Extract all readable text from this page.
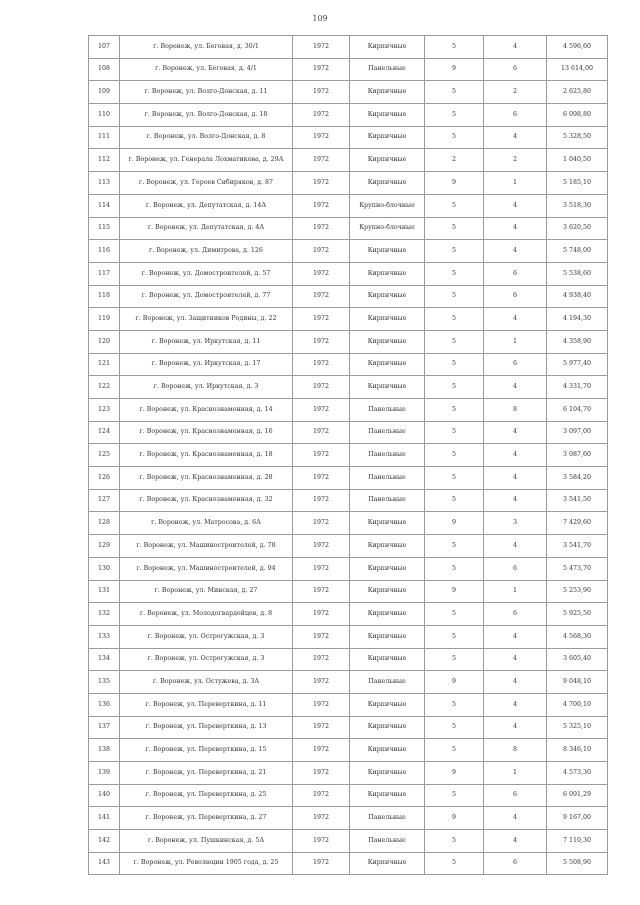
109
107	г. Воронеж, ул. Беговая, д. 30/1	1972	Кирпичные	5	4	4 596,60
108	г. Воронеж, ул. Беговая, д. 4/1	1972	Панельные	9	6	13 614,00
109	г. Воронеж, ул. Волго-Донская, д. 11	1972	Кирпичные	5	2	2 625,80
110	г. Воронеж, ул. Волго-Донская, д. 18	1972	Кирпичные	5	6	6 098,80
111	г. Воронеж, ул. Волго-Донская, д. 8	1972	Кирпичные	5	4	5 328,50
112	г. Воронеж, ул. Генерала Лохматикова, д. 29А	1972	Кирпичные	2	2	1 040,50
113	г. Воронеж, ул. Героев Сибиряков, д. 87	1972	Кирпичные	9	1	5 185,10
114	г. Воронеж, ул. Депутатская, д. 14А	1972	Крупно-блочные	5	4	3 518,30
115	г. Воронеж, ул. Депутатская, д. 4А	1972	Крупно-блочные	5	4	3 620,50
116	г. Воронеж, ул. Димитрова, д. 126	1972	Кирпичные	5	4	5 748,00
117	г. Воронеж, ул. Домостроителей, д. 57	1972	Кирпичные	5	6	5 538,60
118	г. Воронеж, ул. Домостроителей, д. 77	1972	Кирпичные	5	6	4 938,40
119	г. Воронеж, ул. Защитников Родины, д. 22	1972	Кирпичные	5	4	4 194,30
120	г. Воронеж, ул. Иркутская, д. 11	1972	Кирпичные	5	1	4 358,90
121	г. Воронеж, ул. Иркутская, д. 17	1972	Кирпичные	5	6	5 977,40
122	г. Воронеж, ул. Иркутская, д. 3	1972	Кирпичные	5	4	4 331,70
123	г. Воронеж, ул. Краснознаменная, д. 14	1972	Панельные	5	8	6 104,70
124	г. Воронеж, ул. Краснознаменная, д. 16	1972	Панельные	5	4	3 097,00
125	г. Воронеж, ул. Краснознаменная, д. 18	1972	Панельные	5	4	3 087,60
126	г. Воронеж, ул. Краснознаменная, д. 28	1972	Панельные	5	4	3 584,20
127	г. Воронеж, ул. Краснознаменная, д. 32	1972	Панельные	5	4	3 541,50
128	г. Воронеж, ул. Матросова, д. 6А	1972	Кирпичные	9	3	7 429,60
129	г. Воронеж, ул. Машиностроителей, д. 78	1972	Кирпичные	5	4	3 541,70
130	г. Воронеж, ул. Машиностроителей, д. 94	1972	Кирпичные	5	6	5 473,70
131	г. Воронеж, ул. Минская, д. 27	1972	Кирпичные	9	1	5 253,90
132	г. Воронеж, ул. Молодогвардейцев, д. 8	1972	Кирпичные	5	6	5 925,50
133	г. Воронеж, ул. Острогужская, д. 3	1972	Кирпичные	5	4	4 568,30
134	г. Воронеж, ул. Острогужская, д. 3	1972	Кирпичные	5	4	3 605,40
135	г. Воронеж, ул. Остужева, д. 3А	1972	Панельные	9	4	9 048,10
136	г. Воронеж, ул. Переверткина, д. 11	1972	Кирпичные	5	4	4 700,10
137	г. Воронеж, ул. Переверткина, д. 13	1972	Кирпичные	5	4	5 325,10
138	г. Воронеж, ул. Переверткина, д. 15	1972	Кирпичные	5	8	8 346,10
139	г. Воронеж, ул. Переверткина, д. 21	1972	Кирпичные	9	1	4 573,30
140	г. Воронеж, ул. Переверткина, д. 25	1972	Кирпичные	5	6	6 091,29
141	г. Воронеж, ул. Переверткина, д. 27	1972	Панельные	9	4	9 167,00
142	г. Воронеж, ул. Пушкинская, д. 5А	1972	Панельные	5	4	7 110,30
143	г. Воронеж, ул. Революции 1905 года, д. 25	1972	Кирпичные	5	6	5 508,90
